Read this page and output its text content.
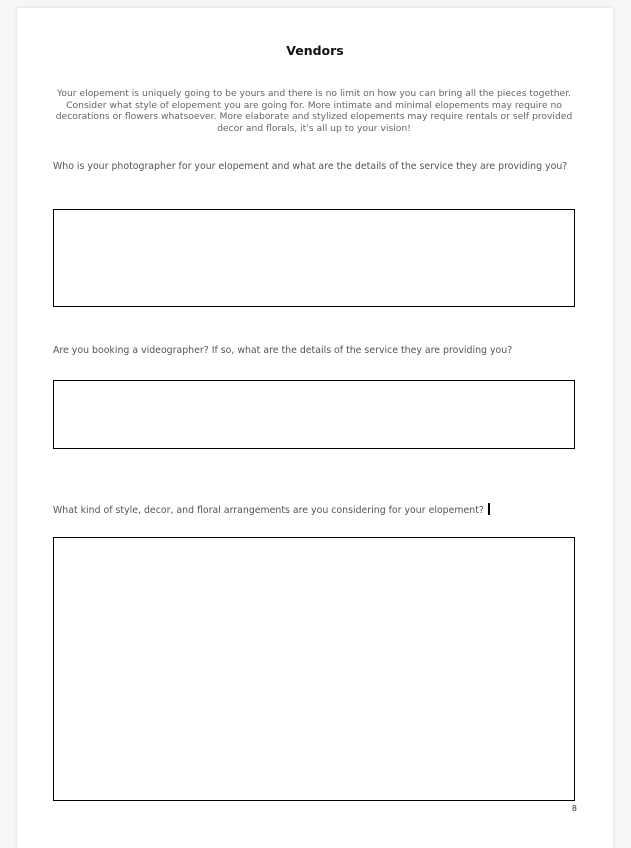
Vendors
Your elopement is uniquely going to be yours and there is no limit on how you can bring all the pieces together. Consider what style of elopement you are going for. More intimate and minimal elopements may require no decorations or flowers whatsoever. More elaborate and stylized elopements may require rentals or self provided decor and florals, it's all up to your vision!
Who is your photographer for your elopement and what are the details of the service they are providing you?
Are you booking a videographer? If so, what are the details of the service they are providing you?
What kind of style, decor, and floral arrangements are you considering for your elopement?
8
